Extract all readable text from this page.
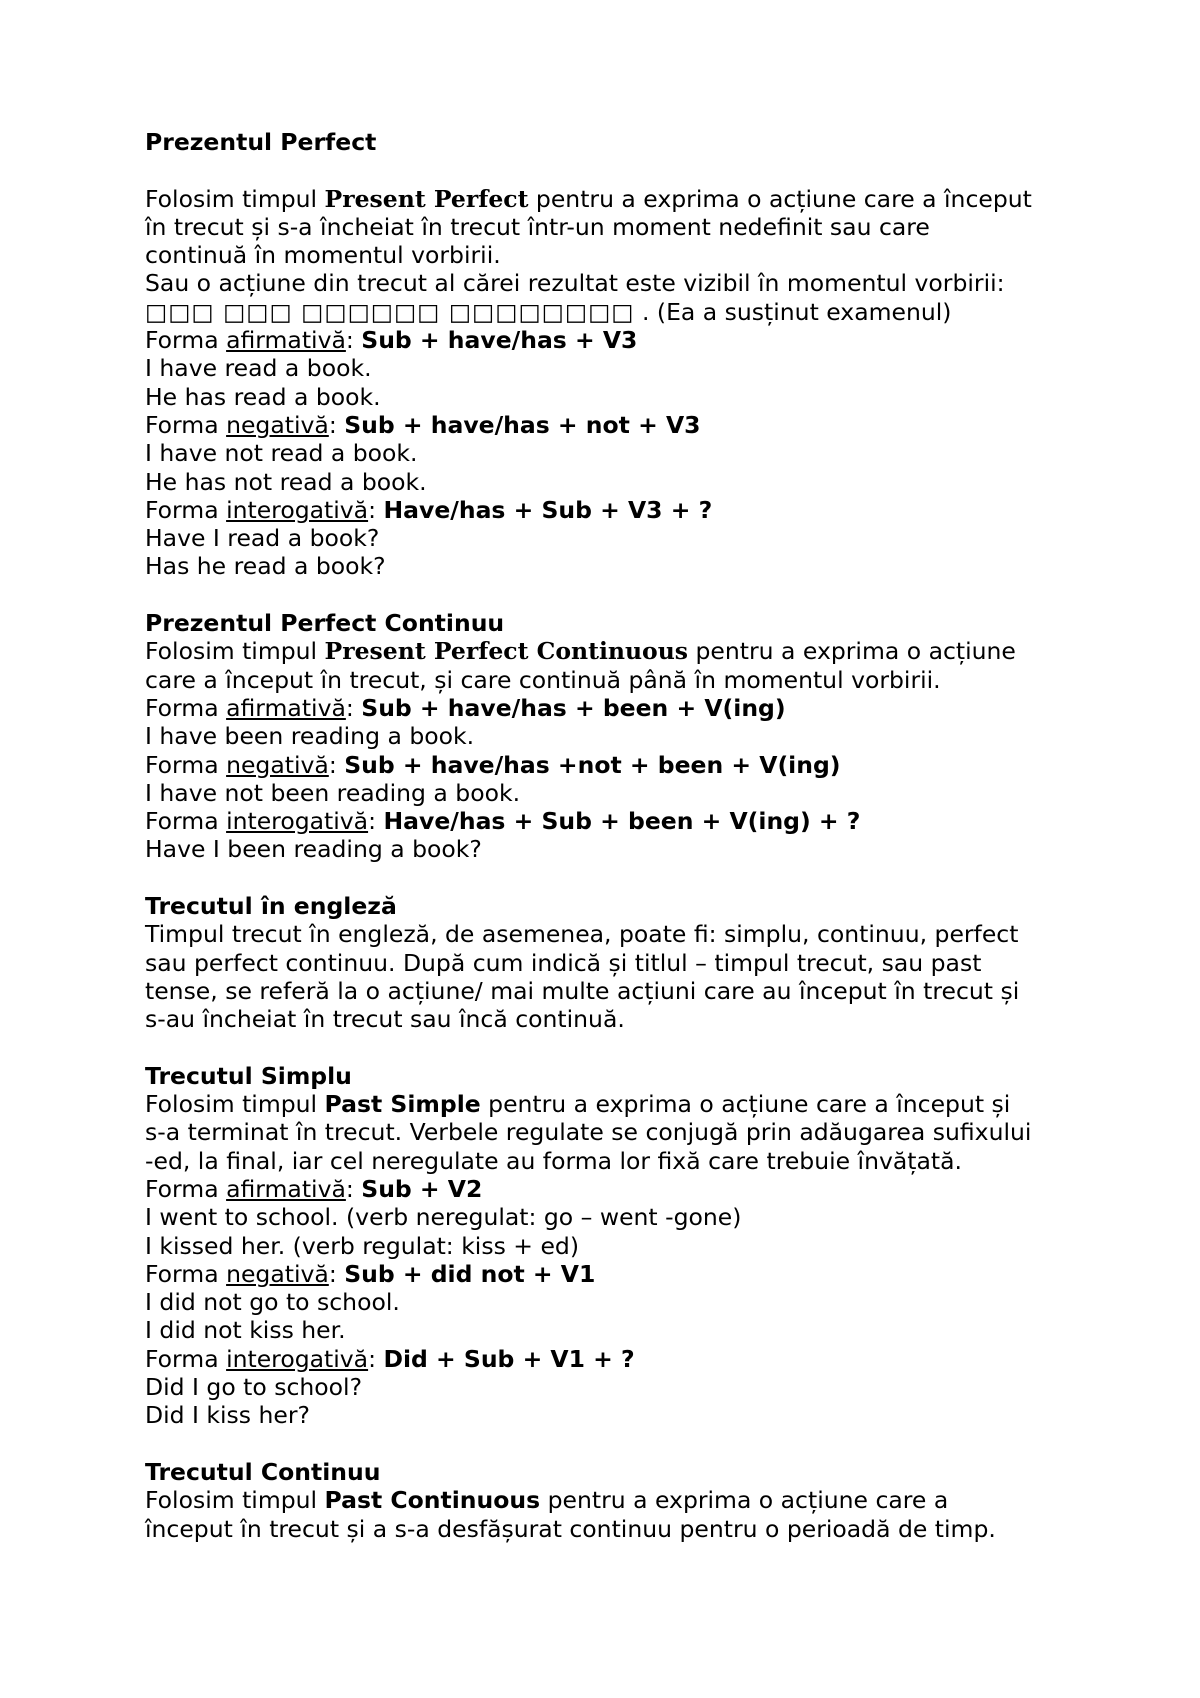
Prezentul Perfect

Folosim timpul Present Perfect pentru a exprima o acțiune care a început

în trecut și s-a încheiat în trecut într-un moment nedefinit sau care

continuă în momentul vorbirii.

Sau o acțiune din trecut al cărei rezultat este vizibil în momentul vorbirii:

□□□ □□□ □□□□□□ □□□□□□□□ . (Ea a susținut examenul)

Forma afirmativă: Sub + have/has + V3

I have read a book.

He has read a book.

Forma negativă: Sub + have/has + not + V3

I have not read a book.

He has not read a book.

Forma interogativă: Have/has + Sub + V3 + ?

Have I read a book?

Has he read a book?

Prezentul Perfect Continuu

Folosim timpul Present Perfect Continuous pentru a exprima o acțiune

care a început în trecut, și care continuă până în momentul vorbirii.

Forma afirmativă: Sub + have/has + been + V(ing)

I have been reading a book.

Forma negativă: Sub + have/has +not + been + V(ing)

I have not been reading a book.

Forma interogativă: Have/has + Sub + been + V(ing) + ?

Have I been reading a book?

Trecutul în engleză

Timpul trecut în engleză, de asemenea, poate fi: simplu, continuu, perfect

sau perfect continuu. După cum indică și titlul – timpul trecut, sau past

tense, se referă la o acțiune/ mai multe acțiuni care au început în trecut și

s-au încheiat în trecut sau încă continuă.

Trecutul Simplu

Folosim timpul Past Simple pentru a exprima o acțiune care a început și

s-a terminat în trecut. Verbele regulate se conjugă prin adăugarea sufixului

-ed, la final, iar cel neregulate au forma lor fixă care trebuie învățată.

Forma afirmativă: Sub + V2

I went to school. (verb neregulat: go – went -gone)

I kissed her. (verb regulat: kiss + ed)

Forma negativă: Sub + did not + V1

I did not go to school.

I did not kiss her.

Forma interogativă: Did + Sub + V1 + ?

Did I go to school?

Did I kiss her?

Trecutul Continuu

Folosim timpul Past Continuous pentru a exprima o acțiune care a

început în trecut și a s-a desfășurat continuu pentru o perioadă de timp.
